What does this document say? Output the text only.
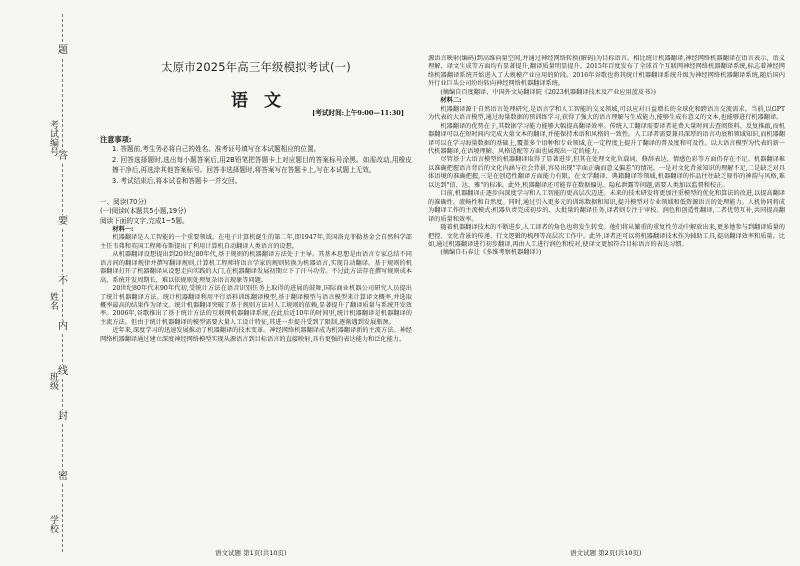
考试编号
姓名
班级
学校
题
答
要
不
内
线
封
密
太原市2025年高三年级模拟考试(一)
语文
[考试时间:上午9:00—11:30]
注意事项:

1. 答题前,考生务必将自己的姓名、准考证号填写在本试题相应的位置。

2. 回答选择题时,选出每小题答案后,用2B铅笔把答题卡上对应题目的答案标号涂黑。如需改动,用橡皮擦干净后,再选涂其他答案标号。回答非选择题时,将答案写在答题卡上,写在本试题上无效。

3. 考试结束后,将本试卷和答题卡一并交回。

一、阅读(70分)
(一)阅读Ⅰ(本题共5小题,19分)
阅读下面的文字,完成1~5题。

材料一:

机器翻译是人工智能的一个重要领域。在电子计算机诞生的第二年,即1947年,美国洛克菲勒基金会自然科学部主任韦弗和英国工程师布斯提出了利用计算机自动翻译人类语言的设想。

从机器翻译设想提出到20世纪80年代,基于规则的机器翻译方法处于主导。其基本思想是由语言专家总结不同语言间的翻译规律并撰写翻译规则,计算机工程师将语言学家的规则转换为机器语言,实现自动翻译。基于规则的机器翻译打开了机器翻译从设想走向实践的大门,在机器翻译发展初期立下了汗马功劳。不过此方法存在撰写规则成本高、系统开发周期长、难以依规则处理复杂语言现象等问题。

20世纪80年代末90年代初,受统计方法在语音识别任务上取得的进展的鼓舞,国际商业机器公司研究人员提出了统计机器翻译方法。统计机器翻译利用平行语料训练翻译模型,基于翻译模型与语言模型来计算译文概率,并选取概率最高的结果作为译文。统计机器翻译突破了基于规则方法对人工规则的依赖,显著提升了翻译质量与系统开发效率。2006年,谷歌推出了基于统计方法的互联网机器翻译系统,在此后近10年的时间里,统计机器翻译是机器翻译的主流方法。但由于统计机器翻译的模型需要大量人工设计特征,其进一步提升受到了限制,逐渐遇到发展瓶颈。

近年来,深度学习的迅速发展推动了机器翻译的技术变革。神经网络机器翻译成为机器翻译新的主流方法。神经网络机器翻译通过建立深度神经网络模型实现从源语言到目标语言的直接映射,具有更强的表达能力和泛化能力。

源语言映射(编码)到高维向量空间,并通过神经网络转换(解码)为目标语言。相比统计机器翻译,神经网络机器翻译在语言表示、语义理解、译文生成等方面均有显著提升,翻译质量明显提升。2015年百度发布了全球首个互联网神经网络机器翻译系统,标志着神经网络机器翻译系统开始进入了大规模产业应用的阶段。2016年谷歌也将其统计机器翻译系统升级为神经网络机器翻译系统,随后国内外行业巨头公司纷纷转向神经网络机器翻译系统。

(摘编自百度翻译、中国外文局翻译院《2023机器翻译技术及产业应用蓝皮书》)

材料二:

机器翻译源于自然语言处理研究,是语言学和人工智能的交叉领域,可以应对日益增长的全球化和跨语言交流需求。当前,以GPT为代表的大语言模型,通过海量数据的预训练学习,获得了强大的语言理解与生成能力,能够生成有意义的文本,也能够进行机器翻译。

机器翻译的优势在于,其数据学习能力能够大幅提高翻译效率。传统人工翻译需要译者花费大量时间去查阅资料、反复推敲,而机器翻译可以在短时间内完成大量文本的翻译,并能保持术语和风格的一致性。人工译者需要兼具深厚的语言功底和领域知识,而机器翻译可以在学习海量数据的基础上,覆盖多个语种和专业领域,在一定程度上提升了翻译的普及度和可及性。以大语言模型为代表的新一代机器翻译,在语境理解、风格适配等方面也展现出一定的能力。

尽管基于大语言模型的机器翻译取得了显著进步,但其在处理文化负载词、修辞表达、情感色彩等方面仍存在不足。机器翻译难以准确把握语言背后的文化内涵与社会背景,容易出现"字面正确而意义偏差"的情况。一是对文化背景知识的理解不足,二是缺乏对具体语境的准确把握,三是在创造性翻译方面能力有限。在文学翻译、典籍翻译等领域,机器翻译的作品往往缺乏原作的神韵与风格,难以达到"信、达、雅"的标准。此外,机器翻译还可能存在数据偏见、隐私泄露等问题,需要人类加以监督和校正。

目前,机器翻译正逐步向深度学习和人工智能的更高层次迈进。未来的技术研发将更加注重模型的优化和算法的改进,以提高翻译的准确性、流畅性和自然度。同时,通过引入更多元的训练数据和知识,提升模型对专业领域和低资源语言的处理能力。人机协同将成为翻译工作的主流模式:机器负责完成初步的、大批量的翻译任务,译者则专注于审校、润色和创造性翻译,二者优势互补,共同提高翻译的质量和效率。

随着机器翻译技术的不断进步,人工译者的角色也将发生转变。他们将从繁重的重复性劳动中解放出来,更多地参与到翻译质量的把控、文化背景的传递、行文逻辑的梳理等高层次工作中。此外,译者还可以将机器翻译技术作为辅助工具,提高翻译效率和质量。比如,通过机器翻译进行初步翻译,再由人工进行润色和校对,使译文更加符合目标语言的表达习惯。

(摘编自石春让《多维考察机器翻译》)

语文试题 第1页(共10页)	语文试题 第2页(共10页)
